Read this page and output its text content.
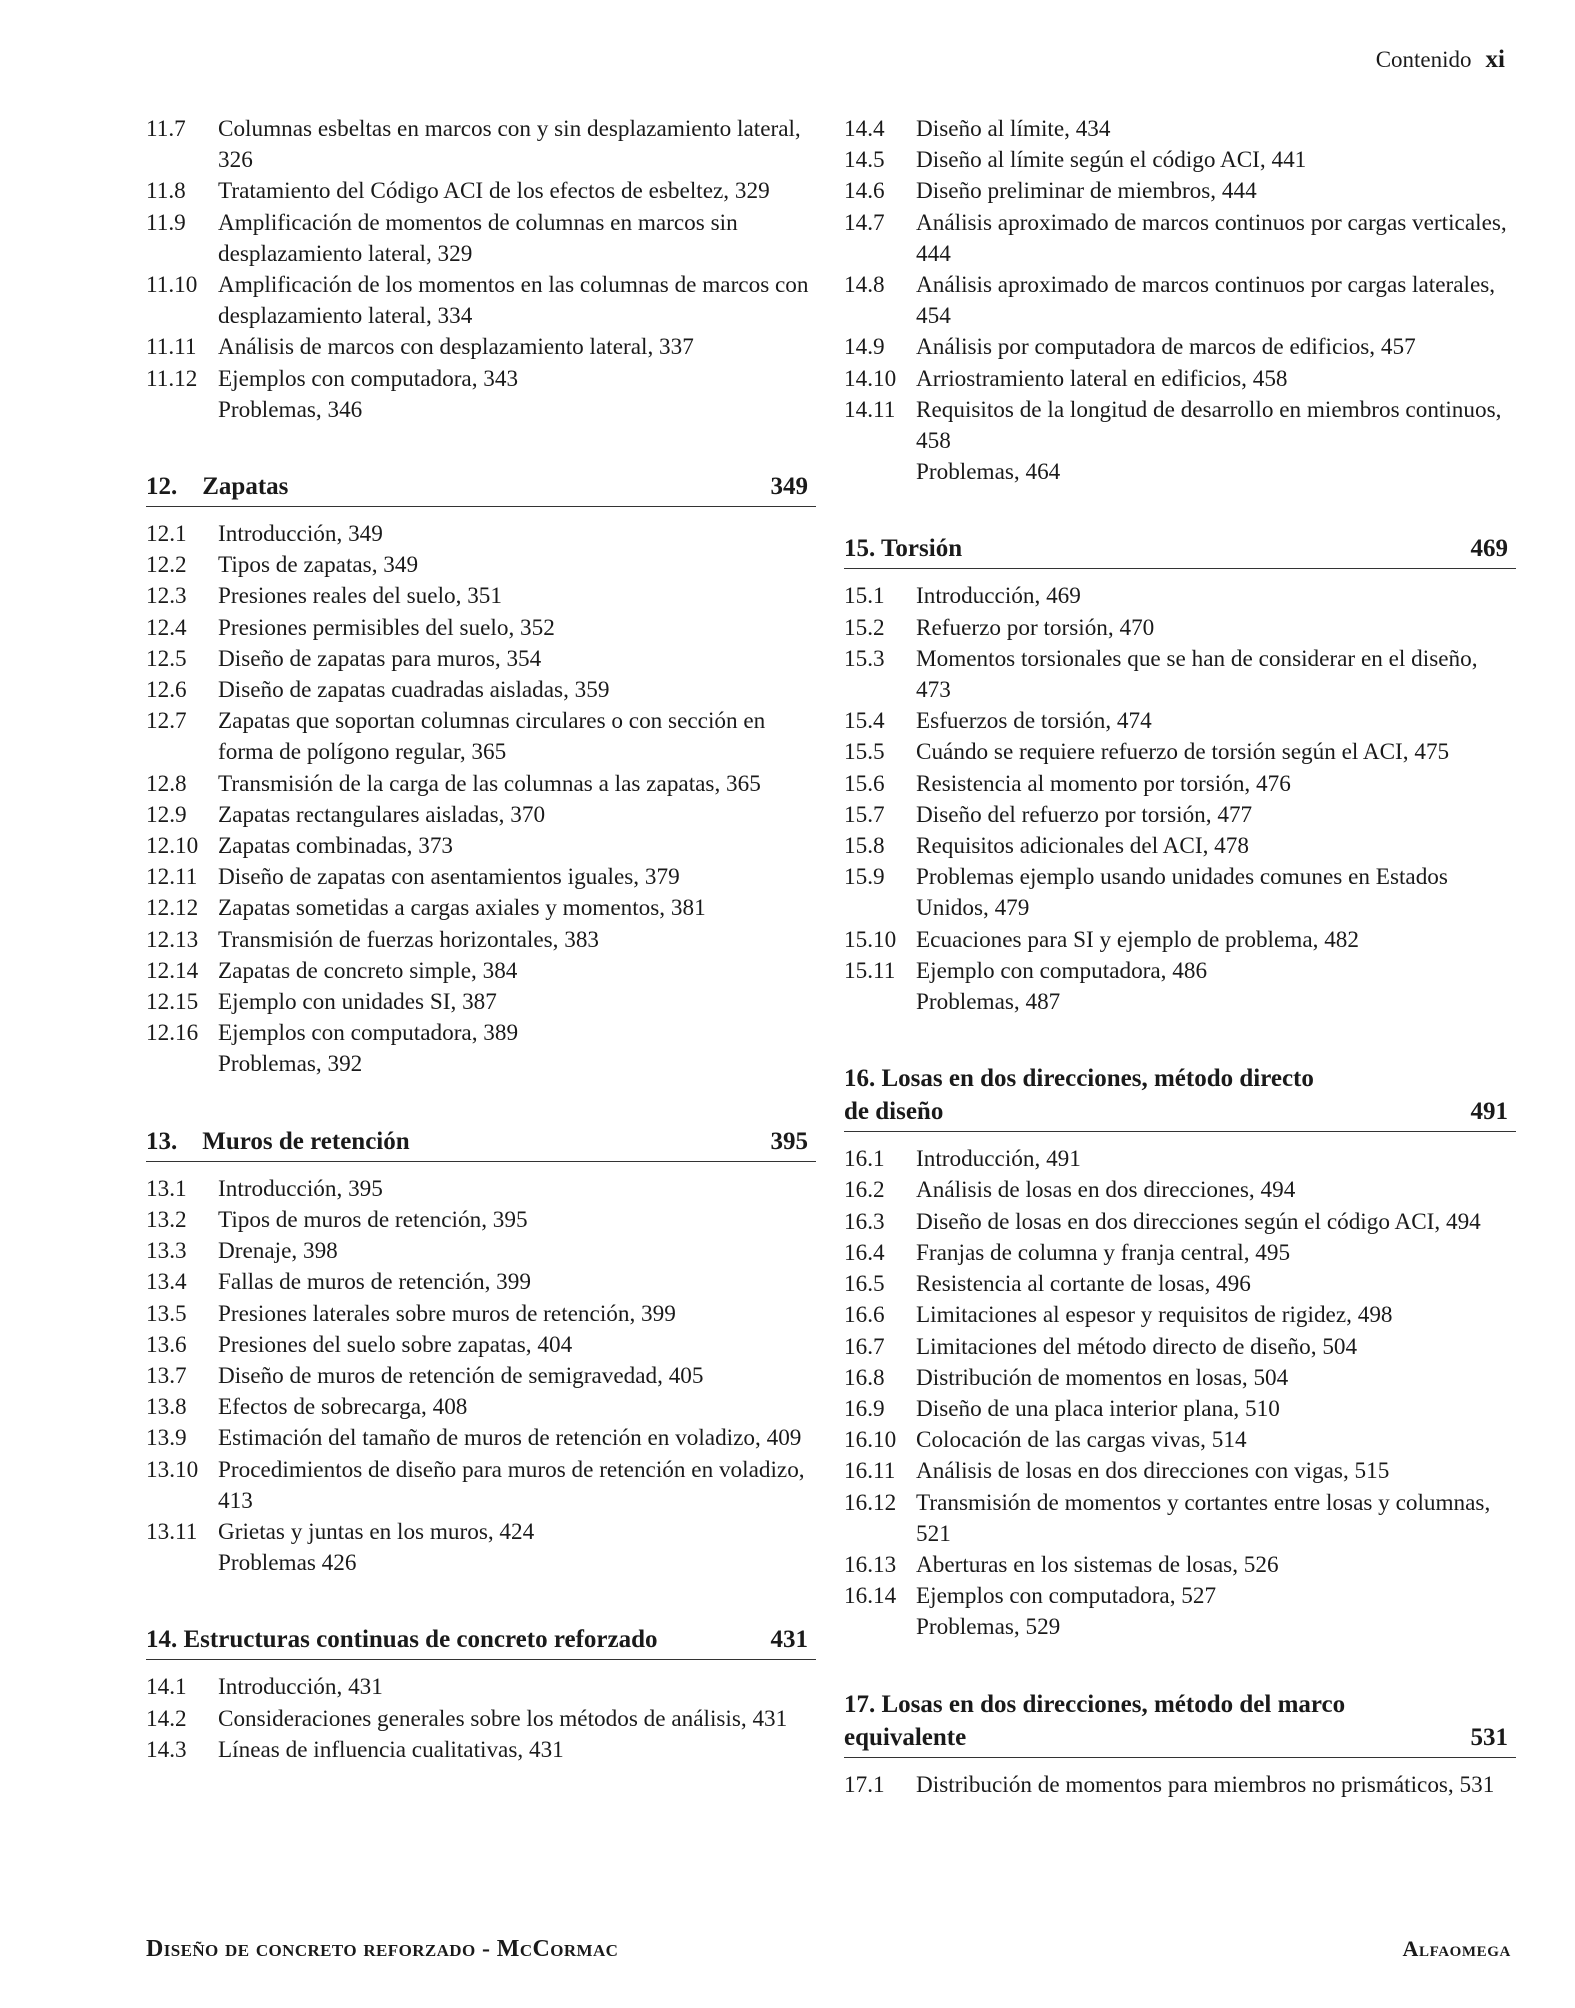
Contenido xi
11.7	Columnas esbeltas en marcos con y sin desplazamiento lateral, 326
11.8	Tratamiento del Código ACI de los efectos de esbeltez, 329
11.9	Amplificación de momentos de columnas en marcos sin desplazamiento lateral, 329
11.10 Amplificación de los momentos en las columnas de marcos con desplazamiento lateral, 334
11.11 Análisis de marcos con desplazamiento lateral, 337
11.12 Ejemplos con computadora, 343
Problemas, 346
12.    Zapatas	349
12.1	Introducción, 349
12.2	Tipos de zapatas, 349
12.3	Presiones reales del suelo, 351
12.4	Presiones permisibles del suelo, 352
12.5	Diseño de zapatas para muros, 354
12.6	Diseño de zapatas cuadradas aisladas, 359
12.7	Zapatas que soportan columnas circulares o con sección en forma de polígono regular, 365
12.8	Transmisión de la carga de las columnas a las zapatas, 365
12.9	Zapatas rectangulares aisladas, 370
12.10 Zapatas combinadas, 373
12.11 Diseño de zapatas con asentamientos iguales, 379
12.12 Zapatas sometidas a cargas axiales y momentos, 381
12.13 Transmisión de fuerzas horizontales, 383
12.14 Zapatas de concreto simple, 384
12.15 Ejemplo con unidades SI, 387
12.16 Ejemplos con computadora, 389
Problemas, 392
13.    Muros de retención	395
13.1	Introducción, 395
13.2	Tipos de muros de retención, 395
13.3	Drenaje, 398
13.4	Fallas de muros de retención, 399
13.5	Presiones laterales sobre muros de retención, 399
13.6	Presiones del suelo sobre zapatas, 404
13.7	Diseño de muros de retención de semigravedad, 405
13.8	Efectos de sobrecarga, 408
13.9	Estimación del tamaño de muros de retención en voladizo, 409
13.10 Procedimientos de diseño para muros de retención en voladizo, 413
13.11 Grietas y juntas en los muros, 424
Problemas 426
14. Estructuras continuas de concreto reforzado	431
14.1	Introducción, 431
14.2	Consideraciones generales sobre los métodos de análisis, 431
14.3	Líneas de influencia cualitativas, 431
14.4	Diseño al límite, 434
14.5	Diseño al límite según el código ACI, 441
14.6	Diseño preliminar de miembros, 444
14.7	Análisis aproximado de marcos continuos por cargas verticales, 444
14.8	Análisis aproximado de marcos continuos por cargas laterales, 454
14.9	Análisis por computadora de marcos de edificios, 457
14.10 Arriostramiento lateral en edificios, 458
14.11 Requisitos de la longitud de desarrollo en miembros continuos, 458
Problemas, 464
15. Torsión	469
15.1	Introducción, 469
15.2	Refuerzo por torsión, 470
15.3	Momentos torsionales que se han de considerar en el diseño, 473
15.4	Esfuerzos de torsión, 474
15.5	Cuándo se requiere refuerzo de torsión según el ACI, 475
15.6	Resistencia al momento por torsión, 476
15.7	Diseño del refuerzo por torsión, 477
15.8	Requisitos adicionales del ACI, 478
15.9	Problemas ejemplo usando unidades comunes en Estados Unidos, 479
15.10 Ecuaciones para SI y ejemplo de problema, 482
15.11 Ejemplo con computadora, 486
Problemas, 487
16. Losas en dos direcciones, método directo
de diseño	491
16.1	Introducción, 491
16.2	Análisis de losas en dos direcciones, 494
16.3	Diseño de losas en dos direcciones según el código ACI, 494
16.4	Franjas de columna y franja central, 495
16.5	Resistencia al cortante de losas, 496
16.6	Limitaciones al espesor y requisitos de rigidez, 498
16.7	Limitaciones del método directo de diseño, 504
16.8	Distribución de momentos en losas, 504
16.9	Diseño de una placa interior plana, 510
16.10 Colocación de las cargas vivas, 514
16.11 Análisis de losas en dos direcciones con vigas, 515
16.12 Transmisión de momentos y cortantes entre losas y columnas, 521
16.13 Aberturas en los sistemas de losas, 526
16.14 Ejemplos con computadora, 527
Problemas, 529
17. Losas en dos direcciones, método del marco
equivalente	531
17.1	Distribución de momentos para miembros no prismáticos, 531
Diseño de concreto reforzado - McCormac	Alfaomega
